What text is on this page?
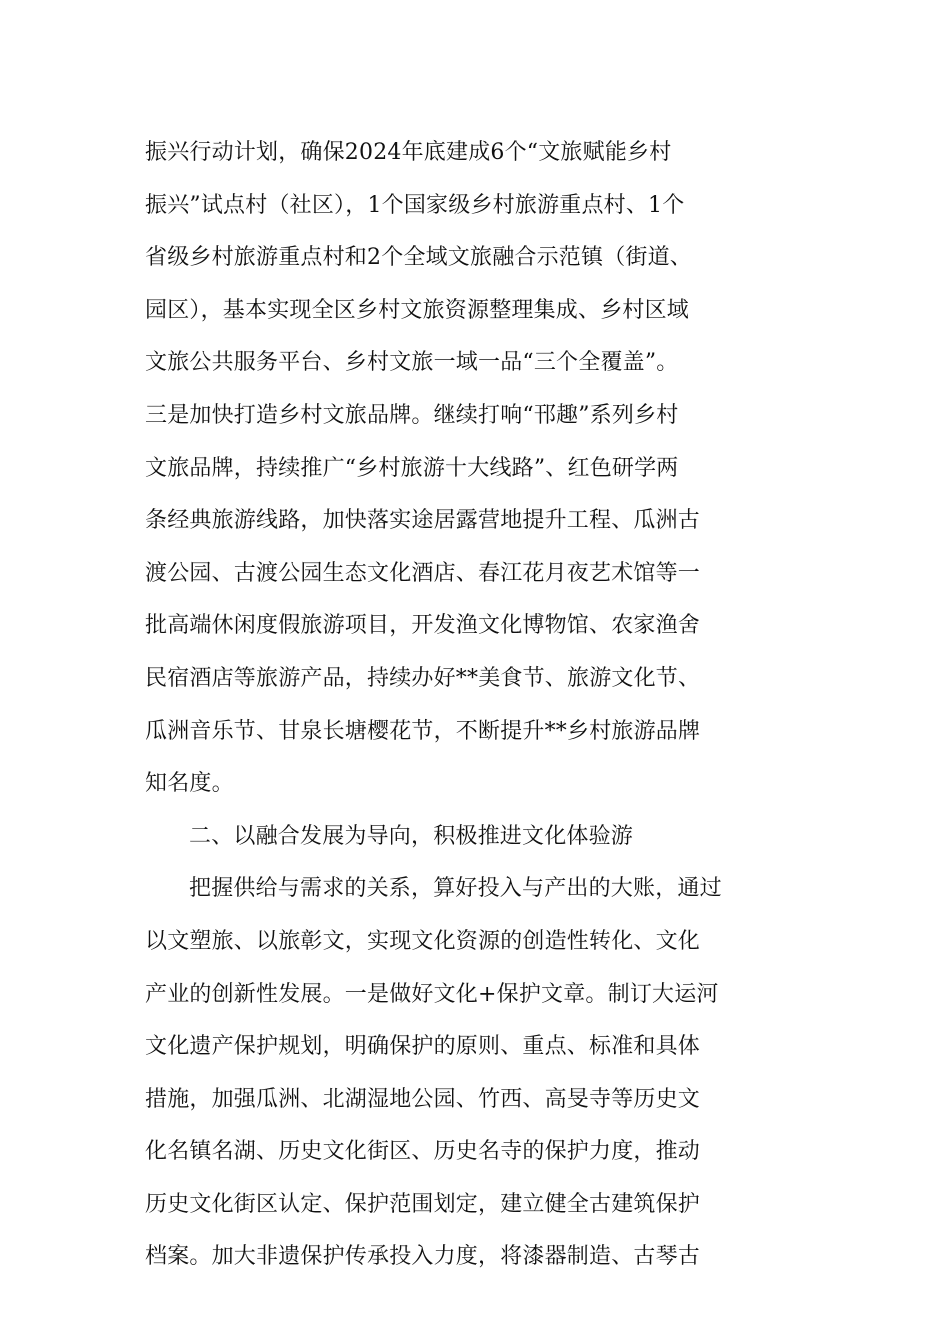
振兴行动计划，确保2024年底建成6个“文旅赋能乡村
振兴”试点村（社区），1个国家级乡村旅游重点村、1个
省级乡村旅游重点村和2个全域文旅融合示范镇（街道、
园区），基本实现全区乡村文旅资源整理集成、乡村区域
文旅公共服务平台、乡村文旅一域一品“三个全覆盖”。
三是加快打造乡村文旅品牌。继续打响“邗趣”系列乡村
文旅品牌，持续推广“乡村旅游十大线路”、红色研学两
条经典旅游线路，加快落实途居露营地提升工程、瓜洲古
渡公园、古渡公园生态文化酒店、春江花月夜艺术馆等一
批高端休闲度假旅游项目，开发渔文化博物馆、农家渔舍
民宿酒店等旅游产品，持续办好**美食节、旅游文化节、
瓜洲音乐节、甘泉长塘樱花节，不断提升**乡村旅游品牌
知名度。
二、以融合发展为导向，积极推进文化体验游
把握供给与需求的关系，算好投入与产出的大账，通过
以文塑旅、以旅彰文，实现文化资源的创造性转化、文化
产业的创新性发展。一是做好文化+保护文章。制订大运河
文化遗产保护规划，明确保护的原则、重点、标准和具体
措施，加强瓜洲、北湖湿地公园、竹西、高旻寺等历史文
化名镇名湖、历史文化街区、历史名寺的保护力度，推动
历史文化街区认定、保护范围划定，建立健全古建筑保护
档案。加大非遗保护传承投入力度，将漆器制造、古琴古
